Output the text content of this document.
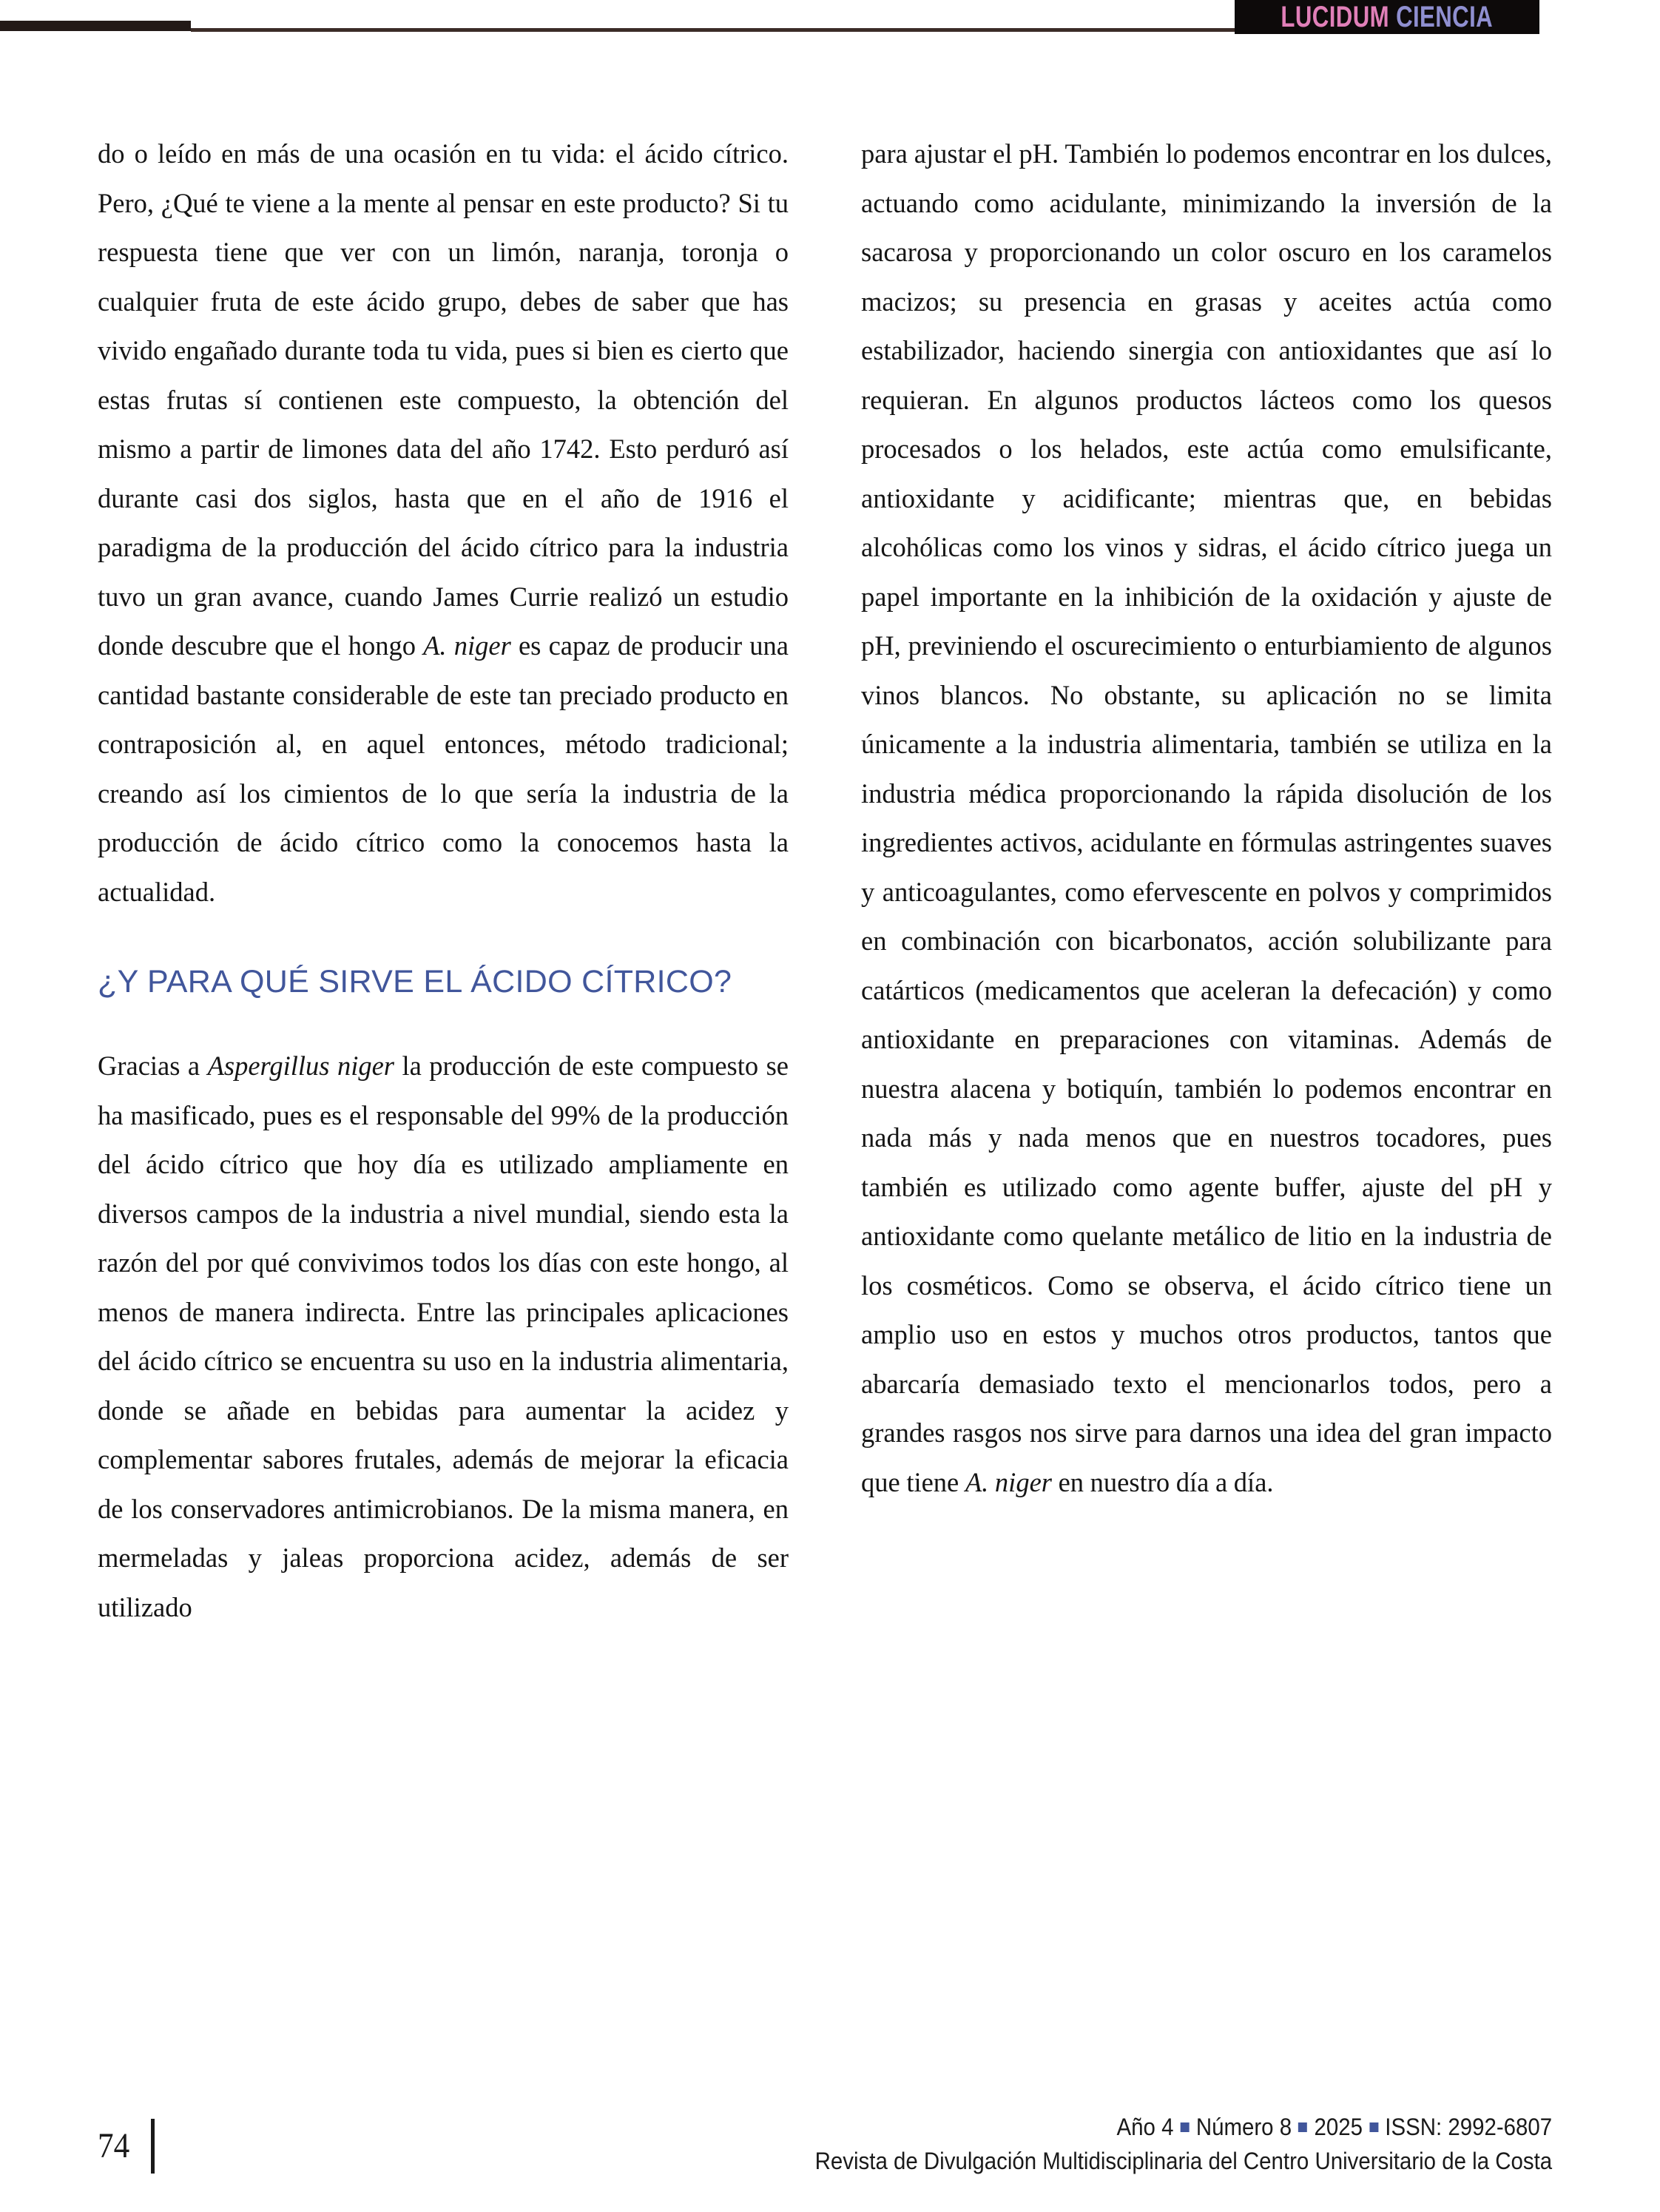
LUCIDUM CIENCIA

do o leído en más de una ocasión en tu vida: el ácido cítrico. Pero, ¿Qué te viene a la mente al pensar en este producto? Si tu respuesta tiene que ver con un limón, naranja, toronja o cualquier fruta de este ácido grupo, debes de saber que has vivido engañado durante toda tu vida, pues si bien es cierto que estas frutas sí contienen este compuesto, la obtención del mismo a partir de limones data del año 1742. Esto perduró así durante casi dos siglos, hasta que en el año de 1916 el paradigma de la producción del ácido cítrico para la industria tuvo un gran avance, cuando James Currie realizó un estudio donde descubre que el hongo A. niger es capaz de producir una cantidad bastante considerable de este tan preciado producto en contraposición al, en aquel entonces, método tradicional; creando así los cimientos de lo que sería la industria de la producción de ácido cítrico como la conocemos hasta la actualidad.

¿Y PARA QUÉ SIRVE EL ÁCIDO CÍTRICO?

Gracias a Aspergillus niger la producción de este compuesto se ha masificado, pues es el responsable del 99% de la producción del ácido cítrico que hoy día es utilizado ampliamente en diversos campos de la industria a nivel mundial, siendo esta la razón del por qué convivimos todos los días con este hongo, al menos de manera indirecta. Entre las principales aplicaciones del ácido cítrico se encuentra su uso en la industria alimentaria, donde se añade en bebidas para aumentar la acidez y complementar sabores frutales, además de mejorar la eficacia de los conservadores antimicrobianos. De la misma manera, en mermeladas y jaleas proporciona acidez, además de ser utilizado

para ajustar el pH. También lo podemos encontrar en los dulces, actuando como acidulante, minimizando la inversión de la sacarosa y proporcionando un color oscuro en los caramelos macizos; su presencia en grasas y aceites actúa como estabilizador, haciendo sinergia con antioxidantes que así lo requieran. En algunos productos lácteos como los quesos procesados o los helados, este actúa como emulsificante, antioxidante y acidificante; mientras que, en bebidas alcohólicas como los vinos y sidras, el ácido cítrico juega un papel importante en la inhibición de la oxidación y ajuste de pH, previniendo el oscurecimiento o enturbiamiento de algunos vinos blancos. No obstante, su aplicación no se limita únicamente a la industria alimentaria, también se utiliza en la industria médica proporcionando la rápida disolución de los ingredientes activos, acidulante en fórmulas astringentes suaves y anticoagulantes, como efervescente en polvos y comprimidos en combinación con bicarbonatos, acción solubilizante para catárticos (medicamentos que aceleran la defecación) y como antioxidante en preparaciones con vitaminas. Además de nuestra alacena y botiquín, también lo podemos encontrar en nada más y nada menos que en nuestros tocadores, pues también es utilizado como agente buffer, ajuste del pH y antioxidante como quelante metálico de litio en la industria de los cosméticos. Como se observa, el ácido cítrico tiene un amplio uso en estos y muchos otros productos, tantos que abarcaría demasiado texto el mencionarlos todos, pero a grandes rasgos nos sirve para darnos una idea del gran impacto que tiene A. niger en nuestro día a día.

74	Año 4 Número 8 2025 ISSN: 2992-6807
Revista de Divulgación Multidisciplinaria del Centro Universitario de la Costa
